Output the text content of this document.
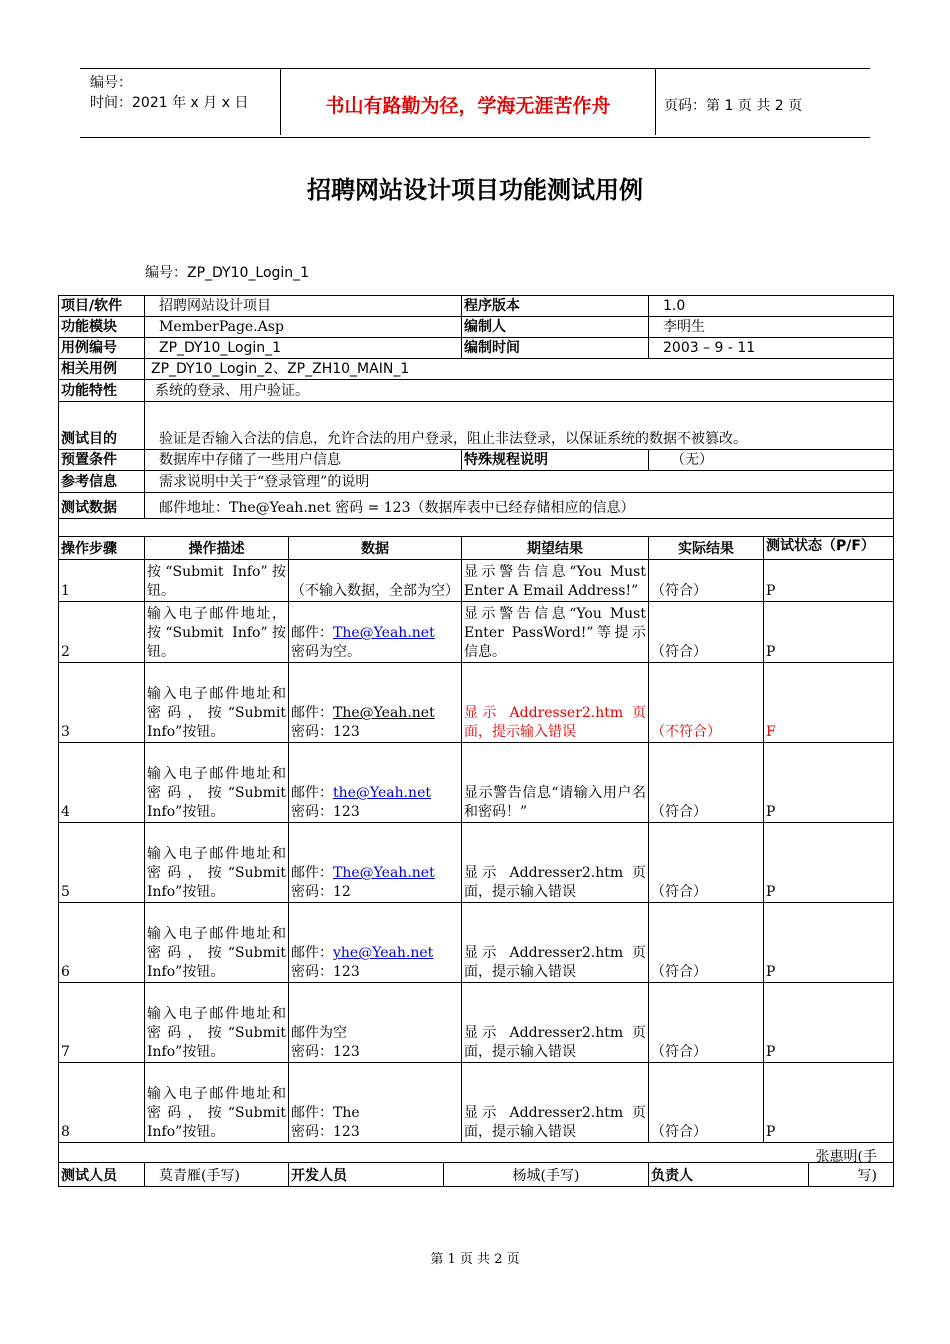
编号：
时间：2021 年 x 月 x 日	书山有路勤为径，学海无涯苦作舟	页码：第 1 页 共 2 页
招聘网站设计项目功能测试用例
编号：ZP_DY10_Login_1
项目/软件	招聘网站设计项目		程序版本	1.0	
功能模块	MemberPage.Asp		编制人	李明生	
用例编号	ZP_DY10_Login_1		编制时间	2003 – 9 - 11	
相关用例	ZP_DY10_Login_2、ZP_ZH10_MAIN_1				
功能特性	系统的登录、用户验证。				
测试目的	验证是否输入合法的信息，允许合法的用户登录，阻止非法登录，以保证系统的数据不被篡改。				
预置条件	数据库中存储了一些用户信息		特殊规程说明	（无）	
参考信息	需求说明中关于“登录管理”的说明				
测试数据	邮件地址：The@Yeah.net 密码 = 123（数据库表中已经存储相应的信息）				

操作步骤	操作描述	数据	期望结果	实际结果	测试状态（P/F）
1	按“Submit Info”按钮。	（不输入数据，全部为空）	显示警告信息“You Must Enter A Email Address!”	（符合）	P
2	输入电子邮件地址，按“Submit Info”按钮。	邮件：The@Yeah.net
密码为空。	显示警告信息“You Must Enter PassWord!”等提示信息。	（符合）	P
3	输入电子邮件地址和密码，按“Submit Info”按钮。	邮件：The@Yeah.net
密码：123	显示 Addresser2.htm 页面，提示输入错误	（不符合）	F
4	输入电子邮件地址和密码，按“Submit Info”按钮。	邮件：the@Yeah.net
密码：123	显示警告信息“请输入用户名和密码！”	（符合）	P
5	输入电子邮件地址和密码，按“Submit Info”按钮。	邮件：The@Yeah.net
密码：12	显示 Addresser2.htm 页面，提示输入错误	（符合）	P
6	输入电子邮件地址和密码，按“Submit Info”按钮。	邮件：yhe@Yeah.net
密码：123	显示 Addresser2.htm 页面，提示输入错误	（符合）	P
7	输入电子邮件地址和密码，按“Submit Info”按钮。	邮件为空
密码：123	显示 Addresser2.htm 页面，提示输入错误	（符合）	P
8	输入电子邮件地址和密码，按“Submit Info”按钮。	邮件：The
密码：123	显示 Addresser2.htm 页面，提示输入错误	（符合）	P

测试人员	莫青雁(手写)	开发人员 杨城(手写)		负责人
张惠明(手写)	
第 1 页 共 2 页
